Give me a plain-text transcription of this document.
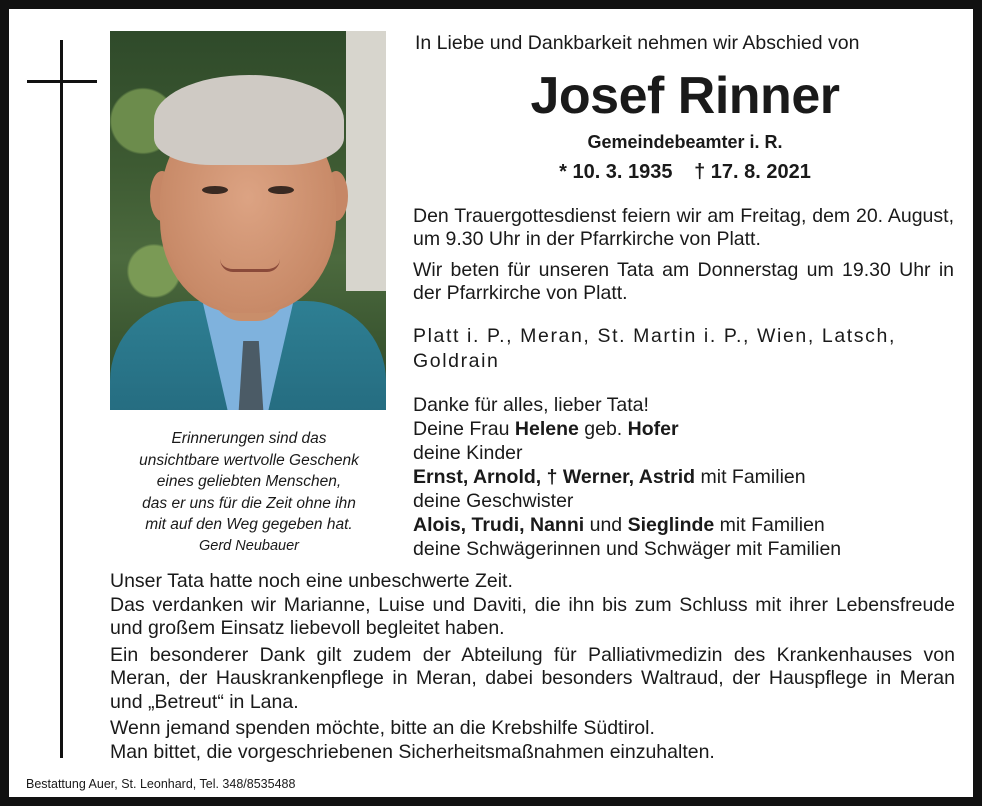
Erinnerungen sind das
unsichtbare wertvolle Geschenk
eines geliebten Menschen,
das er uns für die Zeit ohne ihn
mit auf den Weg gegeben hat.
Gerd Neubauer
In Liebe und Dankbarkeit nehmen wir Abschied von
Josef Rinner
Gemeindebeamter i. R.
* 10. 3. 1935 † 17. 8. 2021
Den Trauergottesdienst feiern wir am Freitag, dem 20. August, um 9.30 Uhr in der Pfarrkirche von Platt.
Wir beten für unseren Tata am Donnerstag um 19.30 Uhr in der Pfarrkirche von Platt.
Platt i. P., Meran, St. Martin i. P., Wien, Latsch, Goldrain
Danke für alles, lieber Tata!
Deine Frau Helene geb. Hofer
deine Kinder
Ernst, Arnold, † Werner, Astrid mit Familien
deine Geschwister
Alois, Trudi, Nanni und Sieglinde mit Familien
deine Schwägerinnen und Schwäger mit Familien
Unser Tata hatte noch eine unbeschwerte Zeit.
Das verdanken wir Marianne, Luise und Daviti, die ihn bis zum Schluss mit ihrer Lebensfreude und großem Einsatz liebevoll begleitet haben.
Ein besonderer Dank gilt zudem der Abteilung für Palliativmedizin des Krankenhauses von Meran, der Hauskrankenpflege in Meran, dabei besonders Waltraud, der Hauspflege in Meran und „Betreut“ in Lana.
Wenn jemand spenden möchte, bitte an die Krebshilfe Südtirol.
Man bittet, die vorgeschriebenen Sicherheitsmaßnahmen einzuhalten.
Bestattung Auer, St. Leonhard, Tel. 348/8535488
